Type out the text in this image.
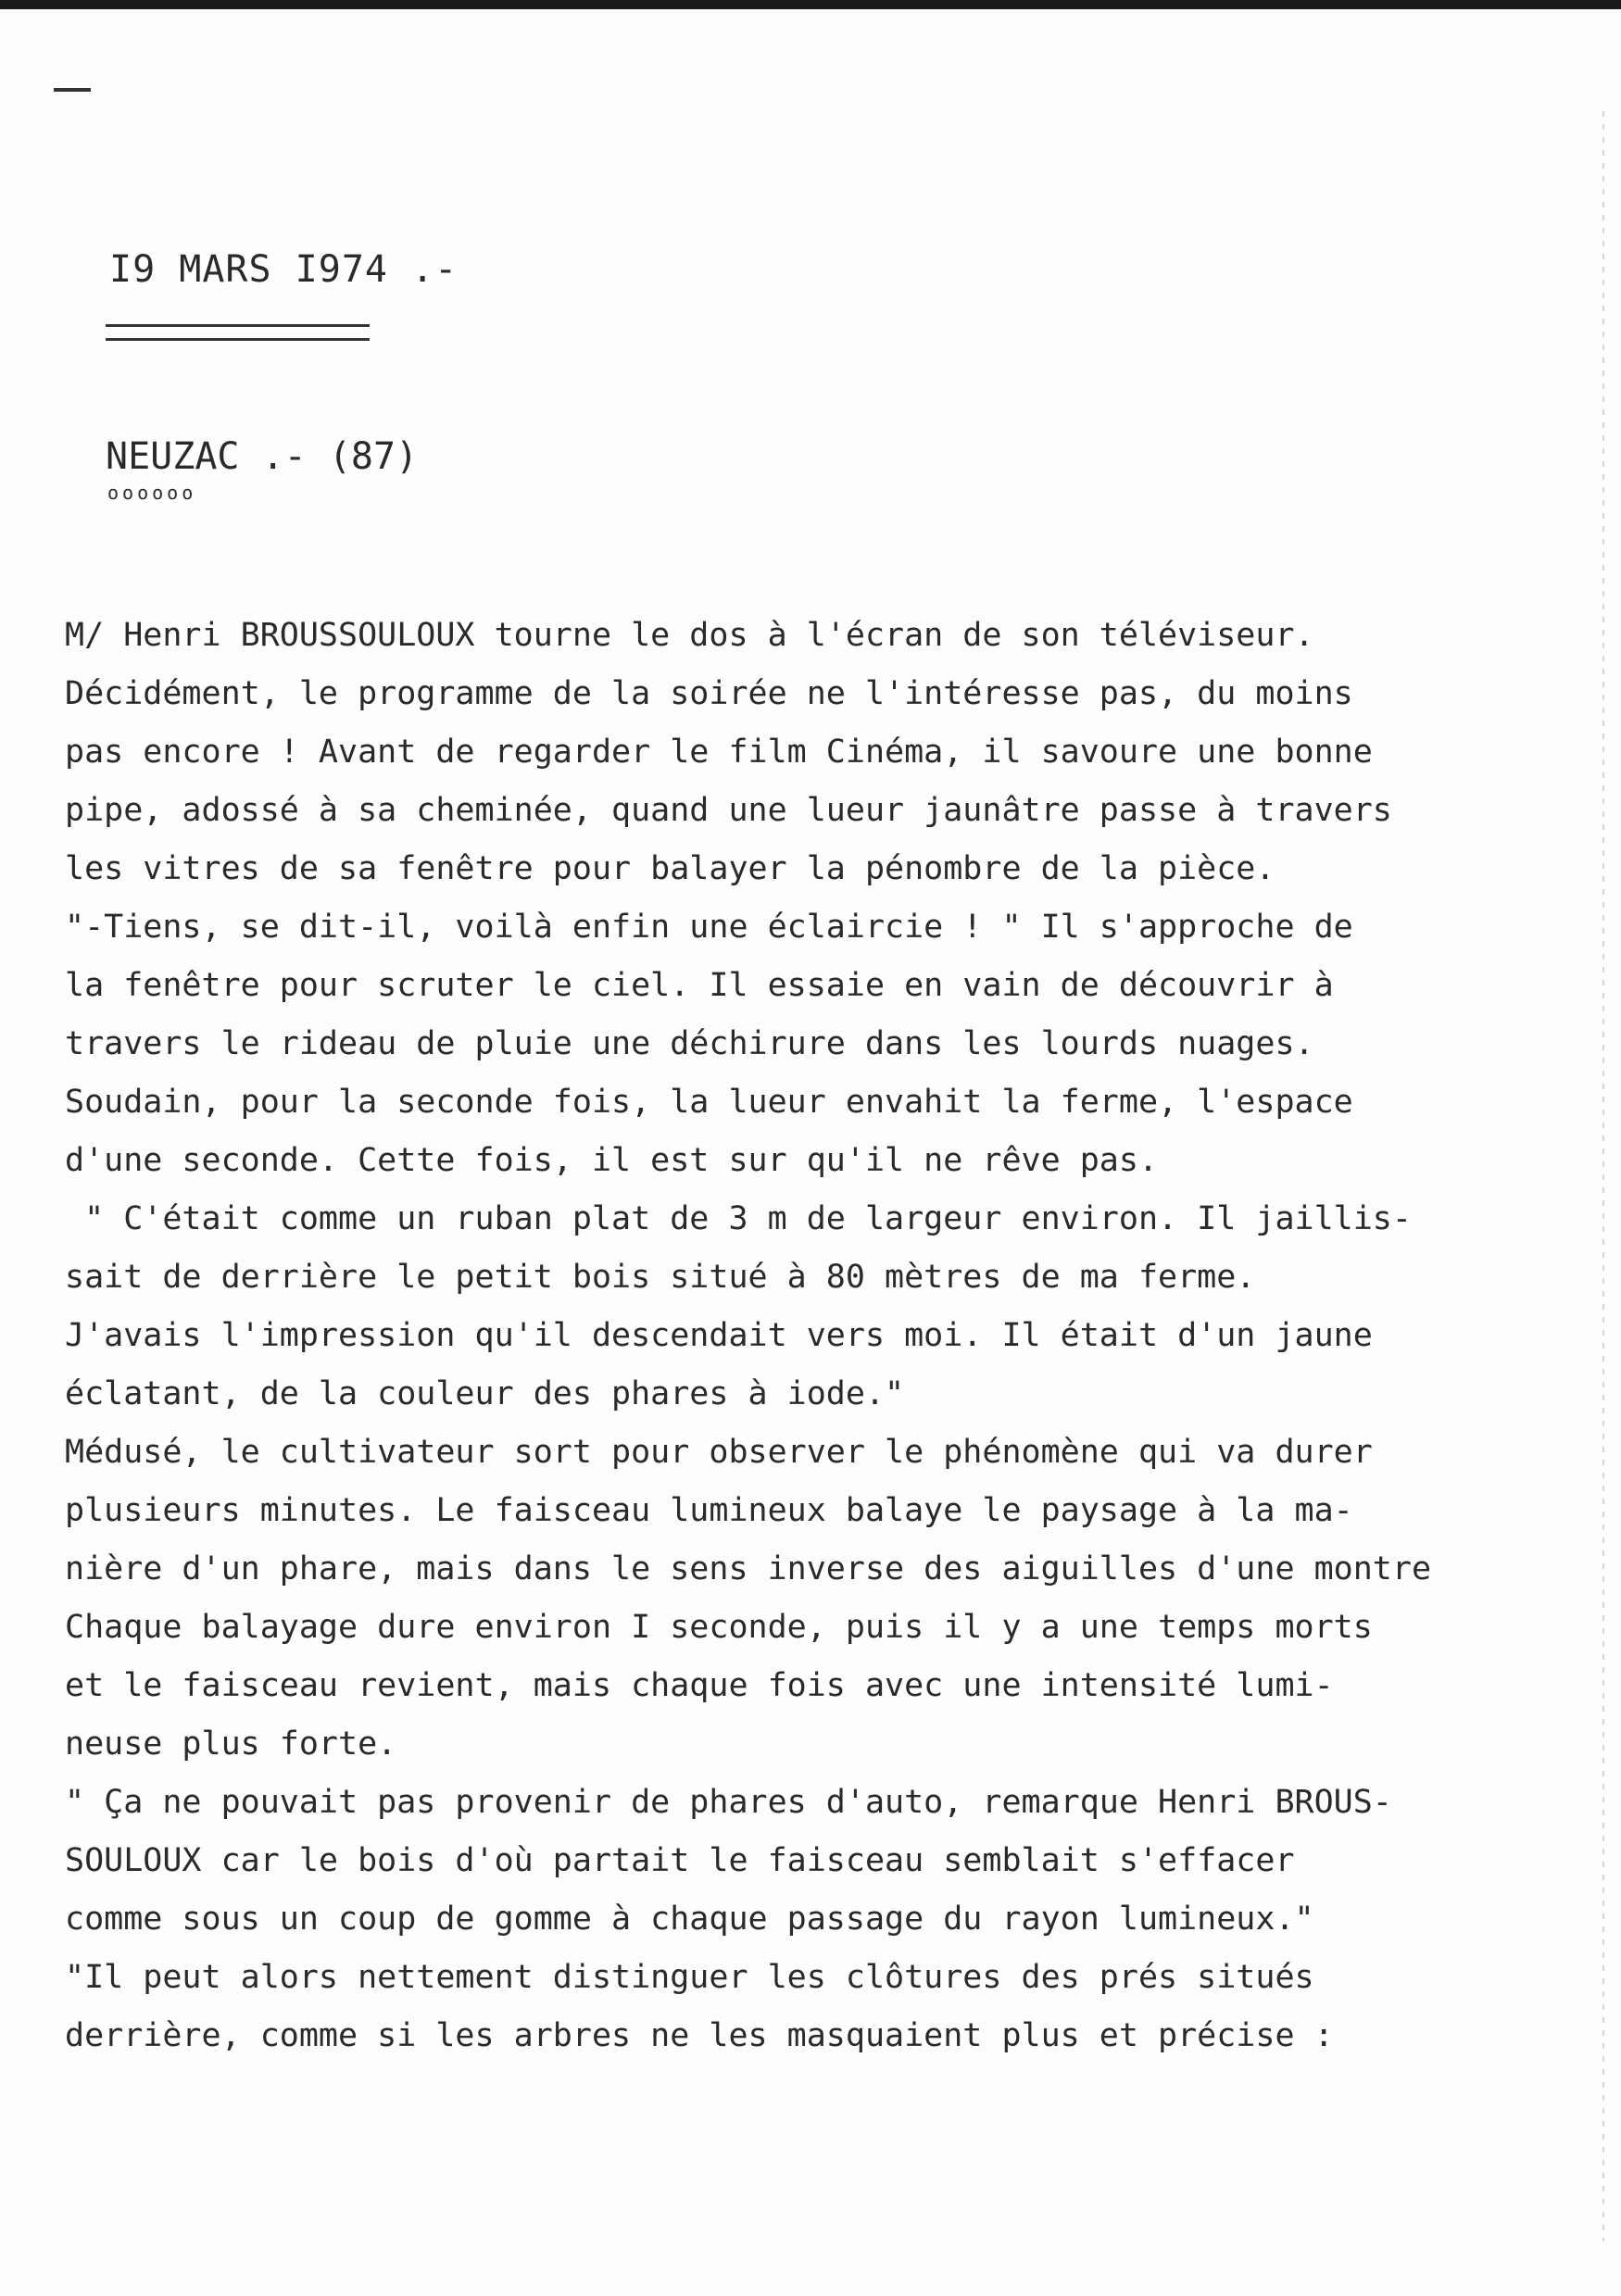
I9 MARS I974 .-
NEUZAC .- (87)
oooooo
M/ Henri BROUSSOULOUX tourne le dos à l'écran de son téléviseur.
Décidément, le programme de la soirée ne l'intéresse pas, du moins
pas encore ! Avant de regarder le film Cinéma, il savoure une bonne
pipe, adossé à sa cheminée, quand une lueur jaunâtre passe à travers
les vitres de sa fenêtre pour balayer la pénombre de la pièce.
"-Tiens, se dit-il, voilà enfin une éclaircie ! " Il s'approche de
la fenêtre pour scruter le ciel. Il essaie en vain de découvrir à
travers le rideau de pluie une déchirure dans les lourds nuages.
Soudain, pour la seconde fois, la lueur envahit la ferme, l'espace
d'une seconde. Cette fois, il est sur qu'il ne rêve pas.
" C'était comme un ruban plat de 3 m de largeur environ. Il jaillis-
sait de derrière le petit bois situé à 80 mètres de ma ferme.
J'avais l'impression qu'il descendait vers moi. Il était d'un jaune
éclatant, de la couleur des phares à iode."
Médusé, le cultivateur sort pour observer le phénomène qui va durer
plusieurs minutes. Le faisceau lumineux balaye le paysage à la ma-
nière d'un phare, mais dans le sens inverse des aiguilles d'une montre
Chaque balayage dure environ I seconde, puis il y a une temps morts
et le faisceau revient, mais chaque fois avec une intensité lumi-
neuse plus forte.
" Ça ne pouvait pas provenir de phares d'auto, remarque Henri BROUS-
SOULOUX car le bois d'où partait le faisceau semblait s'effacer
comme sous un coup de gomme à chaque passage du rayon lumineux."
"Il peut alors nettement distinguer les clôtures des prés situés
derrière, comme si les arbres ne les masquaient plus et précise :
